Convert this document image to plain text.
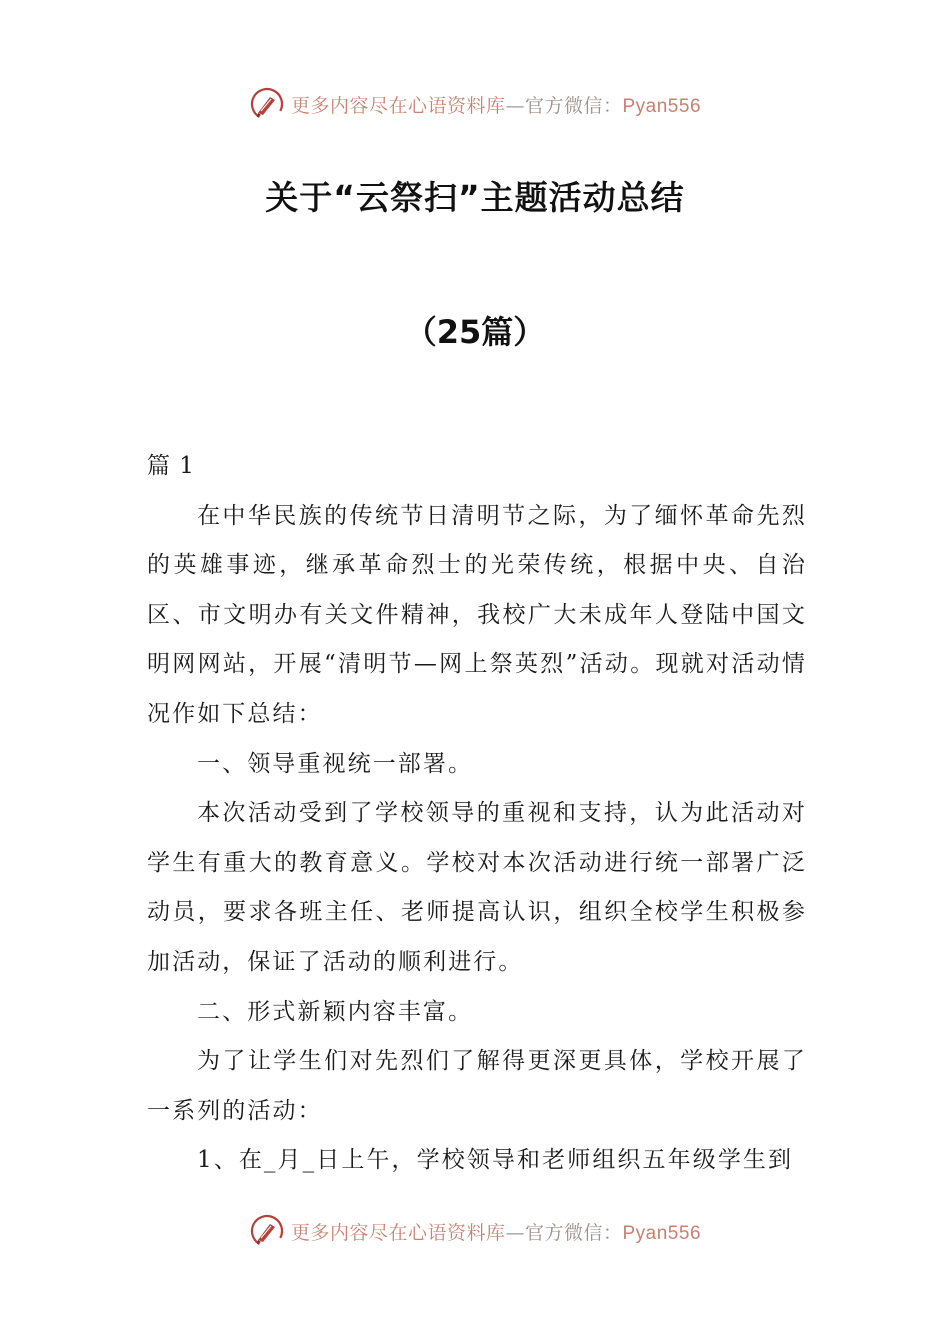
更多内容尽在心语资料库—官方微信：Pyan556
关于“云祭扫”主题活动总结
（25篇）

篇 1

在中华民族的传统节日清明节之际，为了缅怀革命先烈的英雄事迹，继承革命烈士的光荣传统，根据中央、自治区、市文明办有关文件精神，我校广大未成年人登陆中国文明网网站，开展“清明节—网上祭英烈”活动。现就对活动情况作如下总结：

一、领导重视统一部署。

本次活动受到了学校领导的重视和支持，认为此活动对学生有重大的教育意义。学校对本次活动进行统一部署广泛动员，要求各班主任、老师提高认识，组织全校学生积极参加活动，保证了活动的顺利进行。

二、形式新颖内容丰富。

为了让学生们对先烈们了解得更深更具体，学校开展了一系列的活动：

1、在_月_日上午，学校领导和老师组织五年级学生到

更多内容尽在心语资料库—官方微信：Pyan556
